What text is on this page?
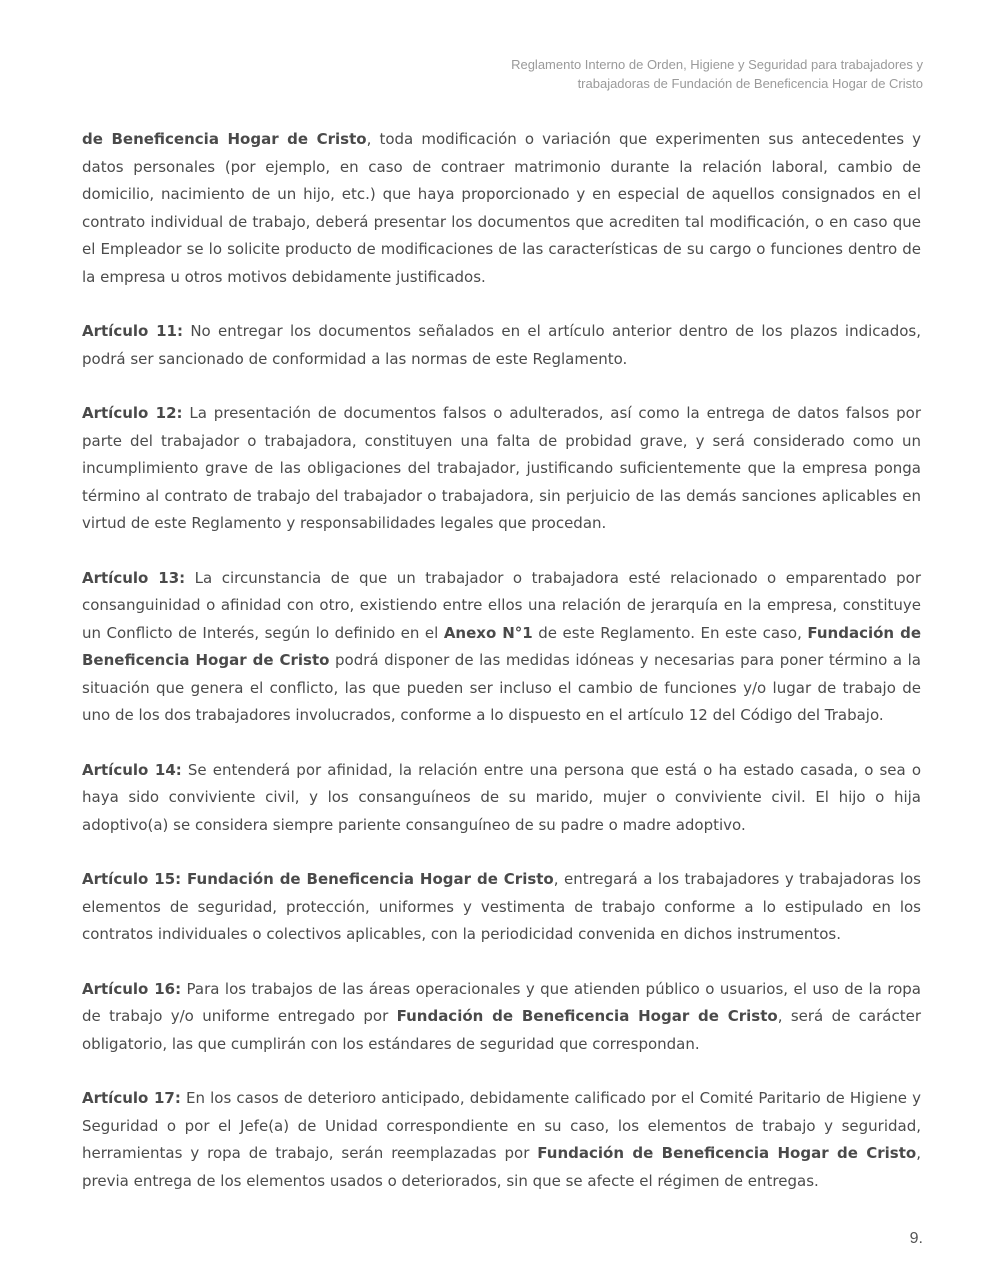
Reglamento Interno de Orden, Higiene y Seguridad para trabajadores y
trabajadoras de Fundación de Beneficencia Hogar de Cristo

de Beneficencia Hogar de Cristo, toda modificación o variación que experimenten sus antecedentes y datos personales (por ejemplo, en caso de contraer matrimonio durante la relación laboral, cambio de domicilio, nacimiento de un hijo, etc.) que haya proporcionado y en especial de aquellos consignados en el contrato individual de trabajo, deberá presentar los documentos que acrediten tal modificación, o en caso que el Empleador se lo solicite producto de modificaciones de las características de su cargo o funciones dentro de la empresa u otros motivos debidamente justificados.

Artículo 11: No entregar los documentos señalados en el artículo anterior dentro de los plazos indicados, podrá ser sancionado de conformidad a las normas de este Reglamento.

Artículo 12: La presentación de documentos falsos o adulterados, así como la entrega de datos falsos por parte del trabajador o trabajadora, constituyen una falta de probidad grave, y será considerado como un incumplimiento grave de las obligaciones del trabajador, justificando suficientemente que la empresa ponga término al contrato de trabajo del trabajador o trabajadora, sin perjuicio de las demás sanciones aplicables en virtud de este Reglamento y responsabilidades legales que procedan.

Artículo 13: La circunstancia de que un trabajador o trabajadora esté relacionado o emparentado por consanguinidad o afinidad con otro, existiendo entre ellos una relación de jerarquía en la empresa, constituye un Conflicto de Interés, según lo definido en el Anexo N°1 de este Reglamento. En este caso, Fundación de Beneficencia Hogar de Cristo podrá disponer de las medidas idóneas y necesarias para poner término a la situación que genera el conflicto, las que pueden ser incluso el cambio de funciones y/o lugar de trabajo de uno de los dos trabajadores involucrados, conforme a lo dispuesto en el artículo 12 del Código del Trabajo.

Artículo 14: Se entenderá por afinidad, la relación entre una persona que está o ha estado casada, o sea o haya sido conviviente civil, y los consanguíneos de su marido, mujer o conviviente civil. El hijo o hija adoptivo(a) se considera siempre pariente consanguíneo de su padre o madre adoptivo.

Artículo 15: Fundación de Beneficencia Hogar de Cristo, entregará a los trabajadores y trabajadoras los elementos de seguridad, protección, uniformes y vestimenta de trabajo conforme a lo estipulado en los contratos individuales o colectivos aplicables, con la periodicidad convenida en dichos instrumentos.

Artículo 16: Para los trabajos de las áreas operacionales y que atienden público o usuarios, el uso de la ropa de trabajo y/o uniforme entregado por Fundación de Beneficencia Hogar de Cristo, será de carácter obligatorio, las que cumplirán con los estándares de seguridad que correspondan.

Artículo 17: En los casos de deterioro anticipado, debidamente calificado por el Comité Paritario de Higiene y Seguridad o por el Jefe(a) de Unidad correspondiente en su caso, los elementos de trabajo y seguridad, herramientas y ropa de trabajo, serán reemplazadas por Fundación de Beneficencia Hogar de Cristo, previa entrega de los elementos usados o deteriorados, sin que se afecte el régimen de entregas.

9.
